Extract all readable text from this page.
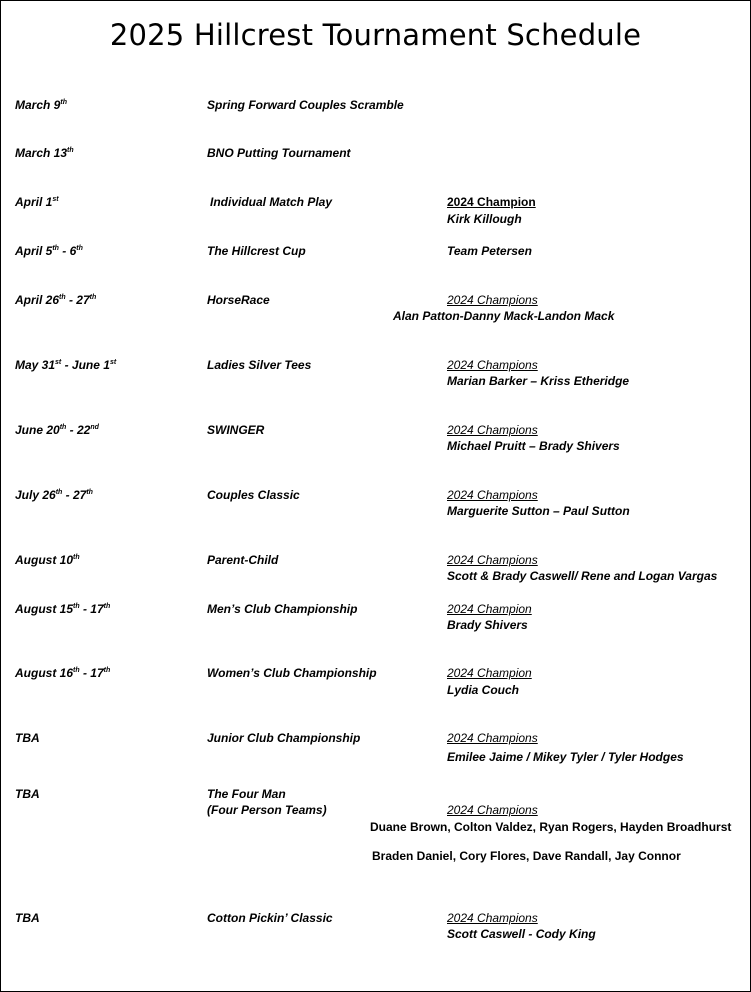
2025 Hillcrest Tournament Schedule
March 9th	Spring Forward Couples Scramble
March 13th	BNO Putting Tournament
April 1st	Individual Match Play	2024 Champion
Kirk Killough
April 5th - 6th	The Hillcrest Cup	Team Petersen
April 26th - 27th	HorseRace	2024 Champions
Alan Patton-Danny Mack-Landon Mack
May 31st - June 1st	Ladies Silver Tees	2024 Champions
Marian Barker – Kriss Etheridge
June 20th - 22nd	SWINGER	2024 Champions
Michael Pruitt – Brady Shivers
July 26th - 27th	Couples Classic	2024 Champions
Marguerite Sutton – Paul Sutton
August 10th	Parent-Child	2024 Champions
Scott & Brady Caswell/ Rene and Logan Vargas
August 15th - 17th	Men’s Club Championship	2024 Champion
Brady Shivers
August 16th - 17th	Women’s Club Championship	2024 Champion
Lydia Couch
TBA	Junior Club Championship	2024 Champions
Emilee Jaime / Mikey Tyler / Tyler Hodges
TBA	The Four Man
(Four Person Teams)	2024 Champions
Duane Brown, Colton Valdez, Ryan Rogers, Hayden Broadhurst
Braden Daniel, Cory Flores, Dave Randall, Jay Connor
TBA	Cotton Pickin’ Classic	2024 Champions
Scott Caswell - Cody King
